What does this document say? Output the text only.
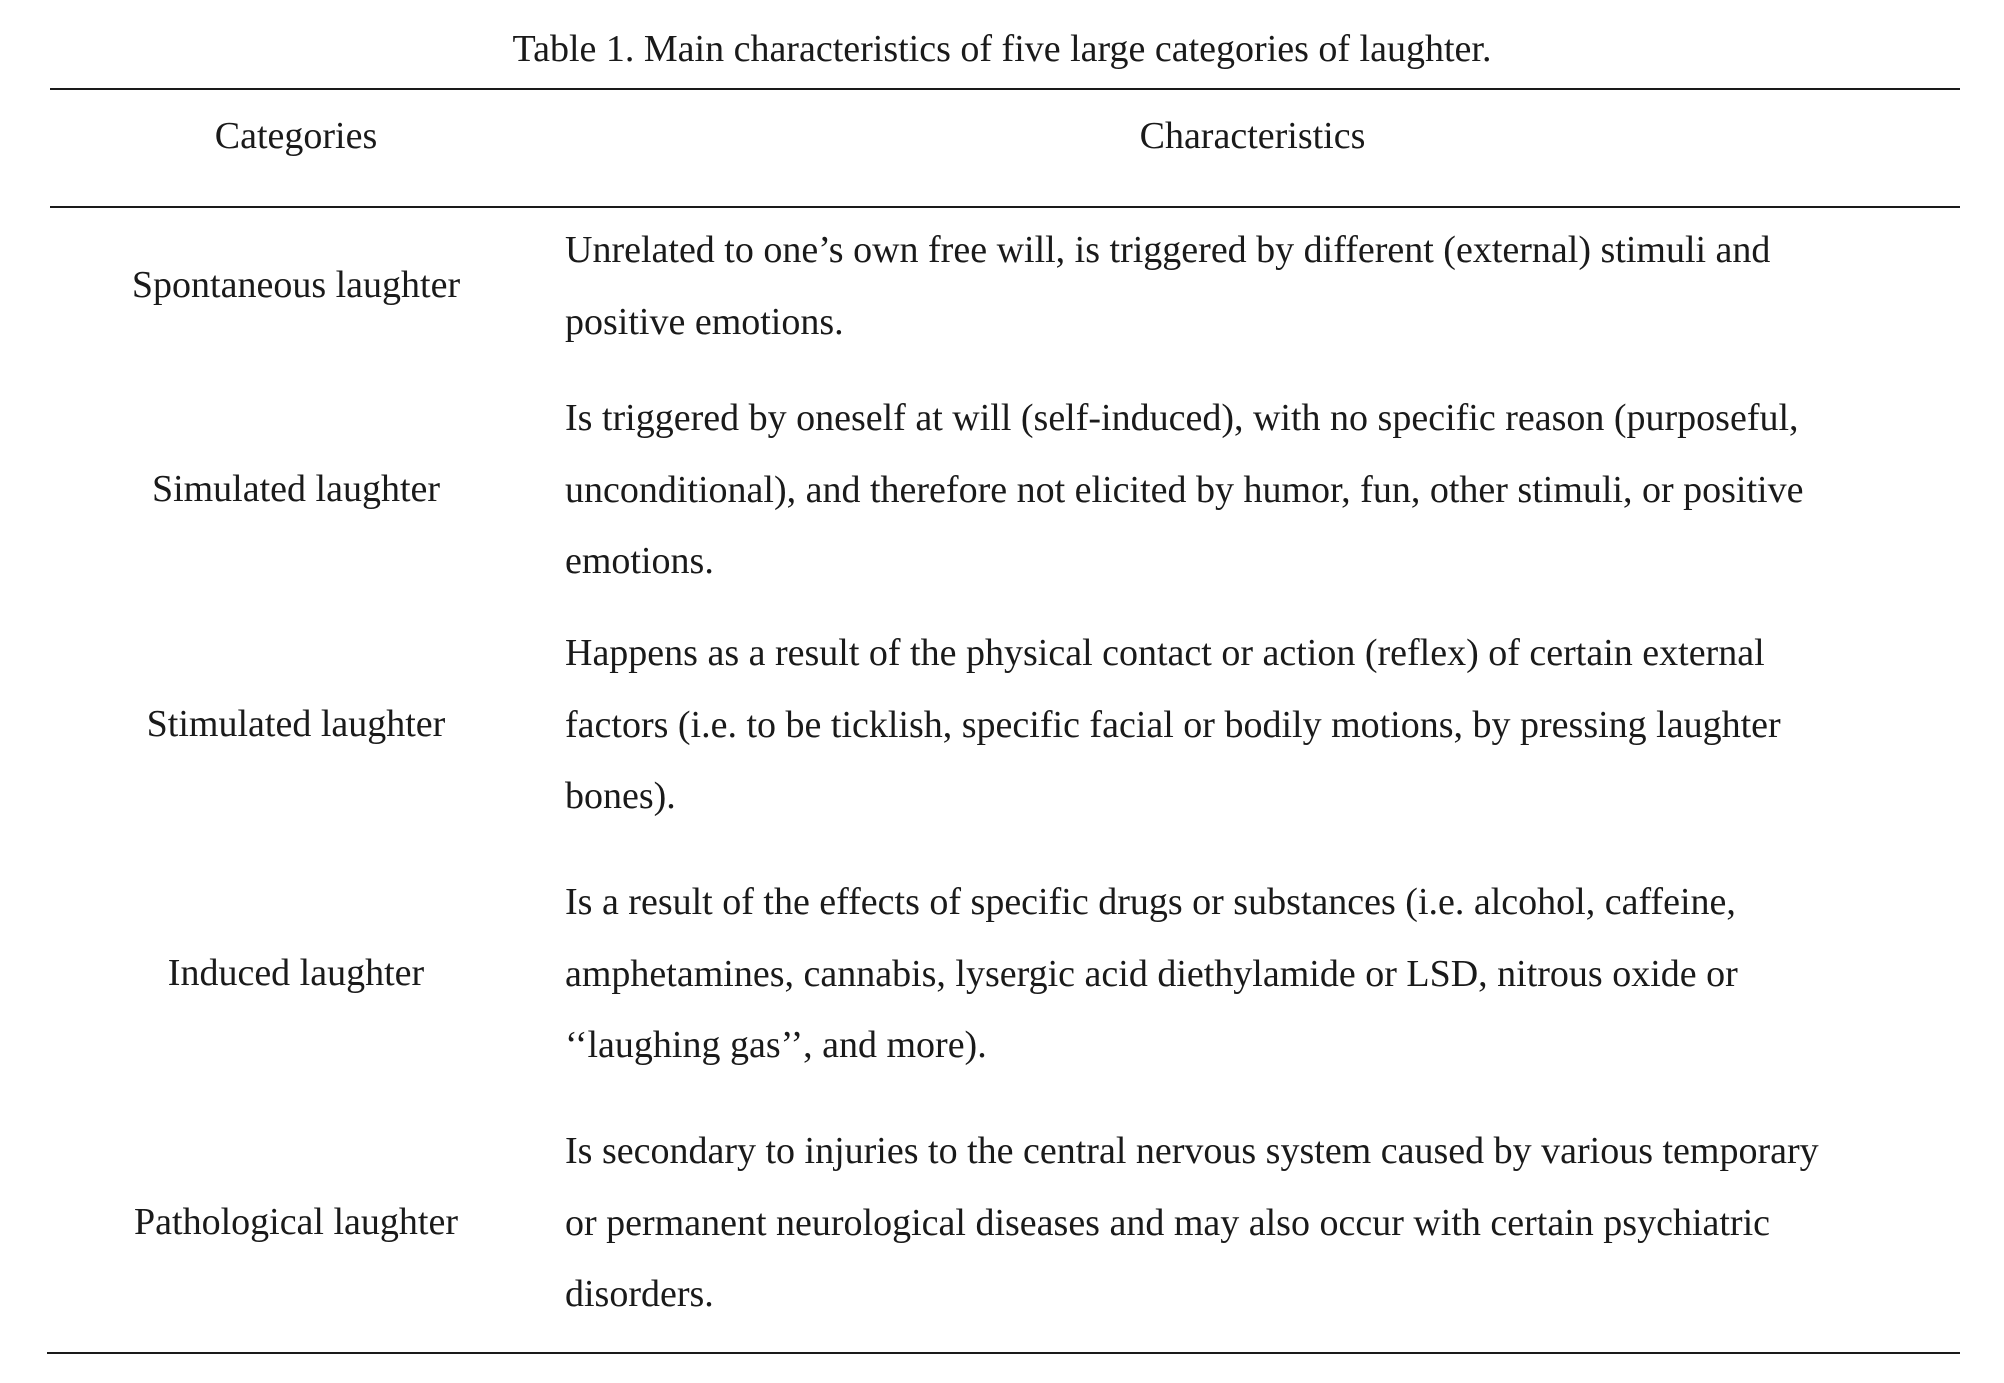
Table 1. Main characteristics of five large categories of laughter.
Categories	Characteristics
Spontaneous laughter
Unrelated to one’s own free will, is triggered by different (external) stimuli and
positive emotions.
Simulated laughter
Is triggered by oneself at will (self-induced), with no specific reason (purposeful,
unconditional), and therefore not elicited by humor, fun, other stimuli, or positive
emotions.
Stimulated laughter
Happens as a result of the physical contact or action (reflex) of certain external
factors (i.e. to be ticklish, specific facial or bodily motions, by pressing laughter
bones).
Induced laughter
Is a result of the effects of specific drugs or substances (i.e. alcohol, caffeine,
amphetamines, cannabis, lysergic acid diethylamide or LSD, nitrous oxide or
‘‘laughing gas’’, and more).
Pathological laughter
Is secondary to injuries to the central nervous system caused by various temporary
or permanent neurological diseases and may also occur with certain psychiatric
disorders.
